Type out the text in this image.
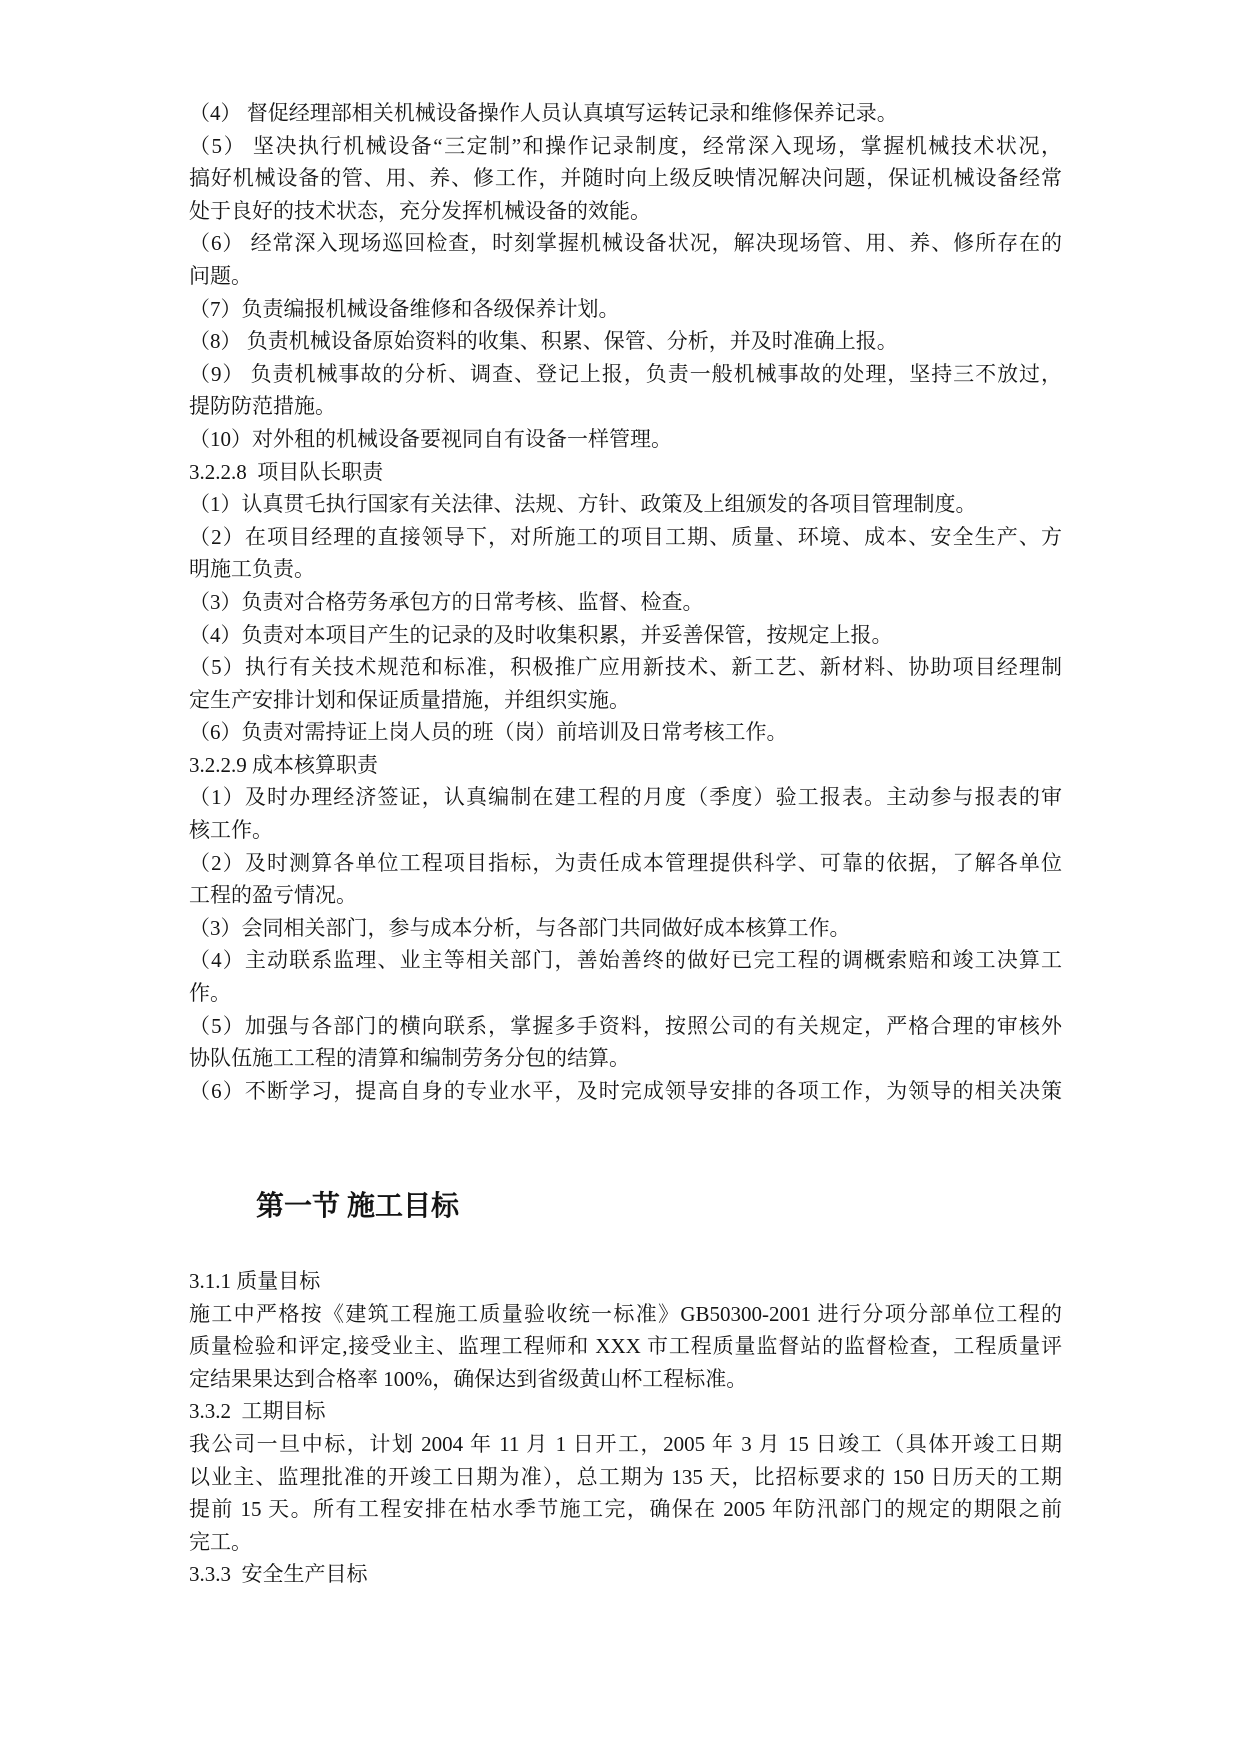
（4） 督促经理部相关机械设备操作人员认真填写运转记录和维修保养记录。
（5） 坚决执行机械设备“三定制”和操作记录制度，经常深入现场，掌握机械技术状况，
搞好机械设备的管、用、养、修工作，并随时向上级反映情况解决问题，保证机械设备经常
处于良好的技术状态，充分发挥机械设备的效能。
（6） 经常深入现场巡回检查，时刻掌握机械设备状况，解决现场管、用、养、修所存在的
问题。
（7）负责编报机械设备维修和各级保养计划。
（8） 负责机械设备原始资料的收集、积累、保管、分析，并及时准确上报。
（9） 负责机械事故的分析、调查、登记上报，负责一般机械事故的处理，坚持三不放过，
提防防范措施。
（10）对外租的机械设备要视同自有设备一样管理。
3.2.2.8  项目队长职责
（1）认真贯乇执行国家有关法律、法规、方针、政策及上组颁发的各项目管理制度。
（2）在项目经理的直接领导下，对所施工的项目工期、质量、环境、成本、安全生产、方
明施工负责。
（3）负责对合格劳务承包方的日常考核、监督、检查。
（4）负责对本项目产生的记录的及时收集积累，并妥善保管，按规定上报。
（5）执行有关技术规范和标准，积极推广应用新技术、新工艺、新材料、协助项目经理制
定生产安排计划和保证质量措施，并组织实施。
（6）负责对需持证上岗人员的班（岗）前培训及日常考核工作。
3.2.2.9 成本核算职责
（1）及时办理经济签证，认真编制在建工程的月度（季度）验工报表。主动参与报表的审
核工作。
（2）及时测算各单位工程项目指标，为责任成本管理提供科学、可靠的依据，了解各单位
工程的盈亏情况。
（3）会同相关部门，参与成本分析，与各部门共同做好成本核算工作。
（4）主动联系监理、业主等相关部门，善始善终的做好已完工程的调概索赔和竣工决算工
作。
（5）加强与各部门的横向联系，掌握多手资料，按照公司的有关规定，严格合理的审核外
协队伍施工工程的清算和编制劳务分包的结算。
（6）不断学习，提高自身的专业水平，及时完成领导安排的各项工作，为领导的相关决策
第一节 施工目标
3.1.1 质量目标
施工中严格按《建筑工程施工质量验收统一标准》GB50300-2001 进行分项分部单位工程的
质量检验和评定,接受业主、监理工程师和 XXX 市工程质量监督站的监督检查，工程质量评
定结果果达到合格率 100%，确保达到省级黄山杯工程标准。
3.3.2  工期目标
我公司一旦中标，计划 2004 年 11 月 1 日开工，2005 年 3 月 15 日竣工（具体开竣工日期
以业主、监理批准的开竣工日期为准），总工期为 135 天，比招标要求的 150 日历天的工期
提前 15 天。所有工程安排在枯水季节施工完，确保在 2005 年防汛部门的规定的期限之前
完工。
3.3.3  安全生产目标
